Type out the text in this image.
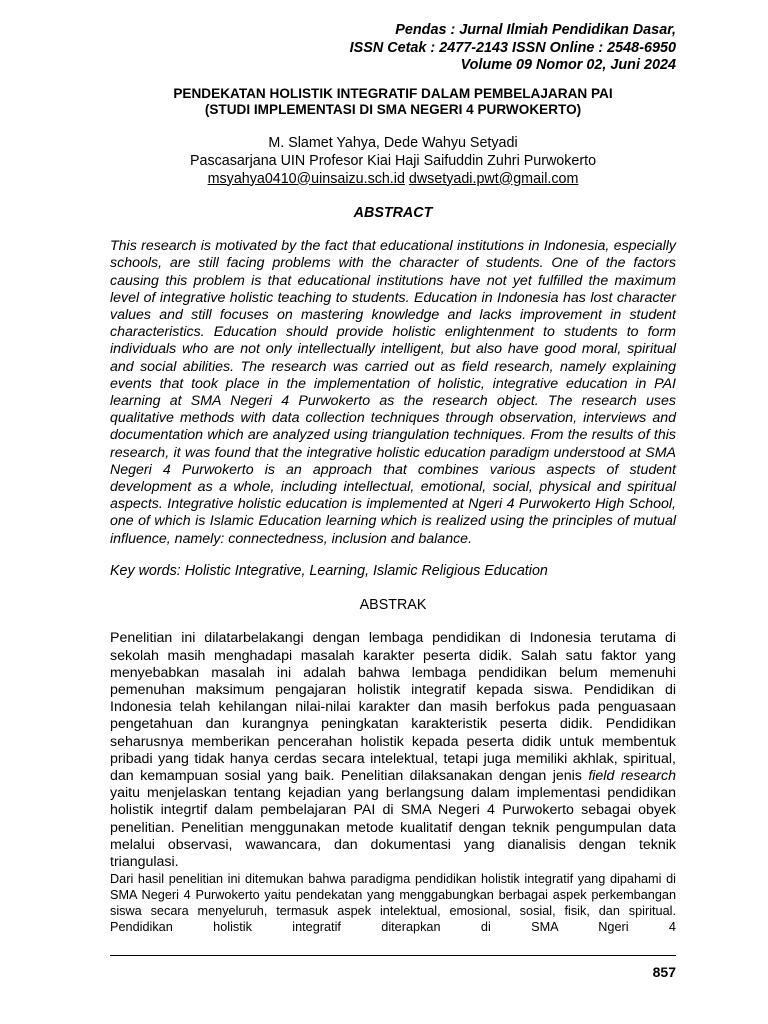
Pendas : Jurnal Ilmiah Pendidikan Dasar,
ISSN Cetak : 2477-2143 ISSN Online : 2548-6950
Volume 09 Nomor 02, Juni 2024
PENDEKATAN HOLISTIK INTEGRATIF DALAM PEMBELAJARAN PAI
(STUDI IMPLEMENTASI DI SMA NEGERI 4 PURWOKERTO)
M. Slamet Yahya, Dede Wahyu Setyadi
Pascasarjana UIN Profesor Kiai Haji Saifuddin Zuhri Purwokerto
msyahya0410@uinsaizu.sch.id dwsetyadi.pwt@gmail.com
ABSTRACT
This research is motivated by the fact that educational institutions in Indonesia, especially schools, are still facing problems with the character of students. One of the factors causing this problem is that educational institutions have not yet fulfilled the maximum level of integrative holistic teaching to students. Education in Indonesia has lost character values and still focuses on mastering knowledge and lacks improvement in student characteristics. Education should provide holistic enlightenment to students to form individuals who are not only intellectually intelligent, but also have good moral, spiritual and social abilities. The research was carried out as field research, namely explaining events that took place in the implementation of holistic, integrative education in PAI learning at SMA Negeri 4 Purwokerto as the research object. The research uses qualitative methods with data collection techniques through observation, interviews and documentation which are analyzed using triangulation techniques. From the results of this research, it was found that the integrative holistic education paradigm understood at SMA Negeri 4 Purwokerto is an approach that combines various aspects of student development as a whole, including intellectual, emotional, social, physical and spiritual aspects. Integrative holistic education is implemented at Ngeri 4 Purwokerto High School, one of which is Islamic Education learning which is realized using the principles of mutual influence, namely: connectedness, inclusion and balance.
Key words: Holistic Integrative, Learning, Islamic Religious Education
ABSTRAK
Penelitian ini dilatarbelakangi dengan lembaga pendidikan di Indonesia terutama di sekolah masih menghadapi masalah karakter peserta didik. Salah satu faktor yang menyebabkan masalah ini adalah bahwa lembaga pendidikan belum memenuhi pemenuhan maksimum pengajaran holistik integratif kepada siswa. Pendidikan di Indonesia telah kehilangan nilai-nilai karakter dan masih berfokus pada penguasaan pengetahuan dan kurangnya peningkatan karakteristik peserta didik. Pendidikan seharusnya memberikan pencerahan holistik kepada peserta didik untuk membentuk pribadi yang tidak hanya cerdas secara intelektual, tetapi juga memiliki akhlak, spiritual, dan kemampuan sosial yang baik. Penelitian dilaksanakan dengan jenis field research yaitu menjelaskan tentang kejadian yang berlangsung dalam implementasi pendidikan holistik integrtif dalam pembelajaran PAI di SMA Negeri 4 Purwokerto sebagai obyek penelitian. Penelitian menggunakan metode kualitatif dengan teknik pengumpulan data melalui observasi, wawancara, dan dokumentasi yang dianalisis dengan teknik triangulasi.
Dari hasil penelitian ini ditemukan bahwa paradigma pendidikan holistik integratif yang dipahami di SMA Negeri 4 Purwokerto yaitu pendekatan yang menggabungkan berbagai aspek perkembangan siswa secara menyeluruh, termasuk aspek intelektual, emosional, sosial, fisik, dan spiritual. Pendidikan holistik integratif diterapkan di SMA Ngeri 4
857
